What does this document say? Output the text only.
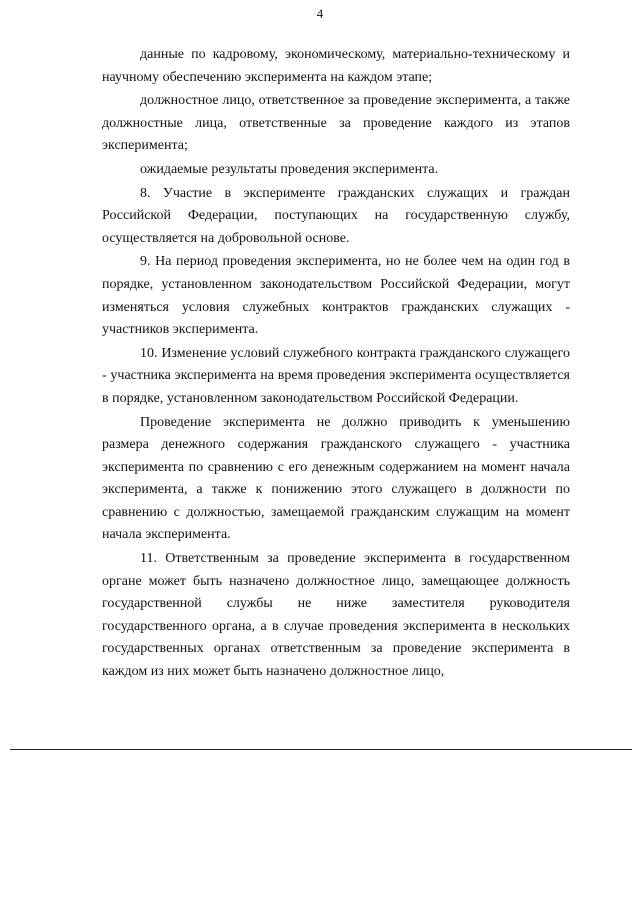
4

данные по кадровому, экономическому, материально-техническому и научному обеспечению эксперимента на каждом этапе;

должностное лицо, ответственное за проведение эксперимента, а также должностные лица, ответственные за проведение каждого из этапов эксперимента;

ожидаемые результаты проведения эксперимента.

8. Участие в эксперименте гражданских служащих и граждан Российской Федерации, поступающих на государственную службу, осуществляется на добровольной основе.

9. На период проведения эксперимента, но не более чем на один год в порядке, установленном законодательством Российской Федерации, могут изменяться условия служебных контрактов гражданских служащих - участников эксперимента.

10. Изменение условий служебного контракта гражданского служащего - участника эксперимента на время проведения эксперимента осуществляется в порядке, установленном законодательством Российской Федерации.

Проведение эксперимента не должно приводить к уменьшению размера денежного содержания гражданского служащего - участника эксперимента по сравнению с его денежным содержанием на момент начала эксперимента, а также к понижению этого служащего в должности по сравнению с должностью, замещаемой гражданским служащим на момент начала эксперимента.

11. Ответственным за проведение эксперимента в государственном органе может быть назначено должностное лицо, замещающее должность государственной службы не ниже заместителя руководителя государственного органа, а в случае проведения эксперимента в нескольких государственных органах ответственным за проведение эксперимента в каждом из них может быть назначено должностное лицо,
